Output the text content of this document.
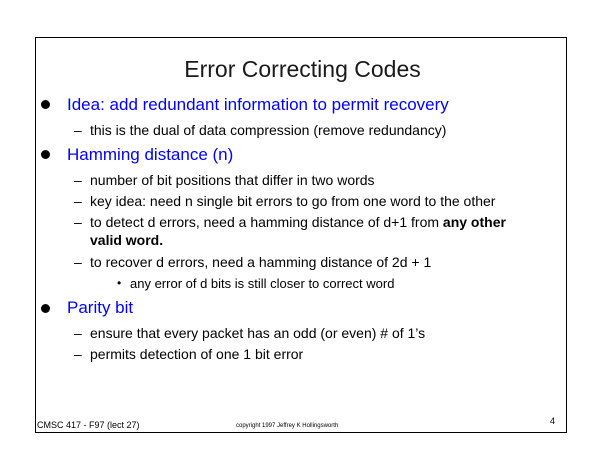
Error Correcting Codes
Idea: add redundant information to permit recovery
– this is the dual of data compression (remove redundancy)
Hamming distance (n)
– number of bit positions that differ in two words
– key idea: need n single bit errors to go from one word to the other
– to detect d errors, need a hamming distance of d+1 from any other
valid word.
– to recover d errors, need a hamming distance of 2d + 1
• any error of d bits is still closer to correct word
Parity bit
– ensure that every packet has an odd (or even) # of 1’s
– permits detection of one 1 bit error
CMSC 417 - F97 (lect 27)	copyright 1997 Jeffrey K Hollingsworth	4
